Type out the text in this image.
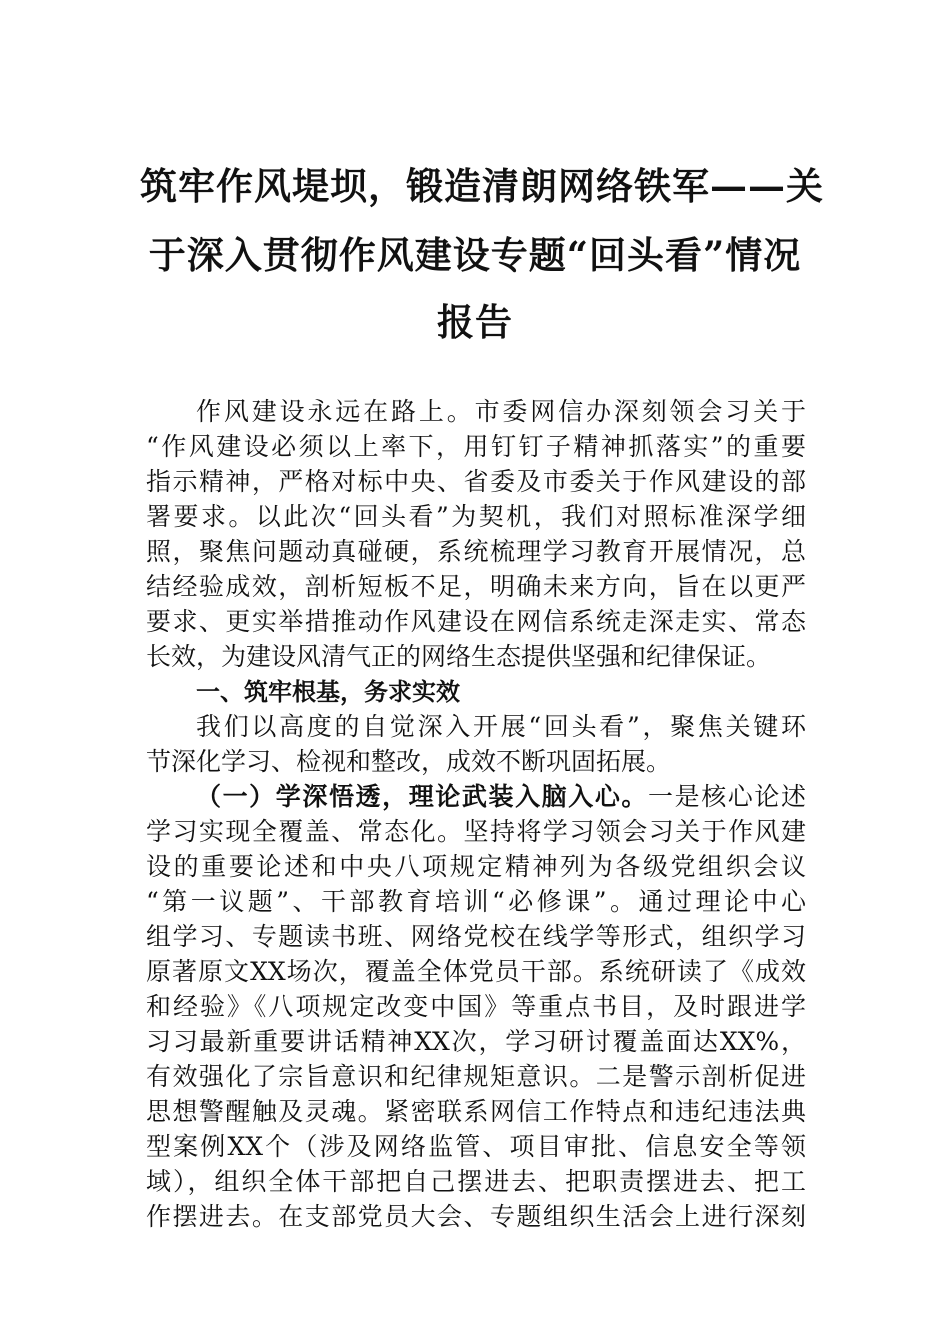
筑牢作风堤坝，锻造清朗网络铁军——关
于深入贯彻作风建设专题“回头看”情况
报告
作风建设永远在路上。市委网信办深刻领会习关于
“作风建设必须以上率下，用钉钉子精神抓落实”的重要
指示精神，严格对标中央、省委及市委关于作风建设的部
署要求。以此次“回头看”为契机，我们对照标准深学细
照，聚焦问题动真碰硬，系统梳理学习教育开展情况，总
结经验成效，剖析短板不足，明确未来方向，旨在以更严
要求、更实举措推动作风建设在网信系统走深走实、常态
长效，为建设风清气正的网络生态提供坚强和纪律保证。
一、筑牢根基，务求实效
我们以高度的自觉深入开展“回头看”，聚焦关键环
节深化学习、检视和整改，成效不断巩固拓展。
（一）学深悟透，理论武装入脑入心。一是核心论述
学习实现全覆盖、常态化。坚持将学习领会习关于作风建
设的重要论述和中央八项规定精神列为各级党组织会议
“第一议题”、干部教育培训“必修课”。通过理论中心
组学习、专题读书班、网络党校在线学等形式，组织学习
原著原文XX场次，覆盖全体党员干部。系统研读了《成效
和经验》《八项规定改变中国》等重点书目，及时跟进学
习习最新重要讲话精神XX次，学习研讨覆盖面达XX%，
有效强化了宗旨意识和纪律规矩意识。二是警示剖析促进
思想警醒触及灵魂。紧密联系网信工作特点和违纪违法典
型案例XX个（涉及网络监管、项目审批、信息安全等领
域），组织全体干部把自己摆进去、把职责摆进去、把工
作摆进去。在支部党员大会、专题组织生活会上进行深刻
